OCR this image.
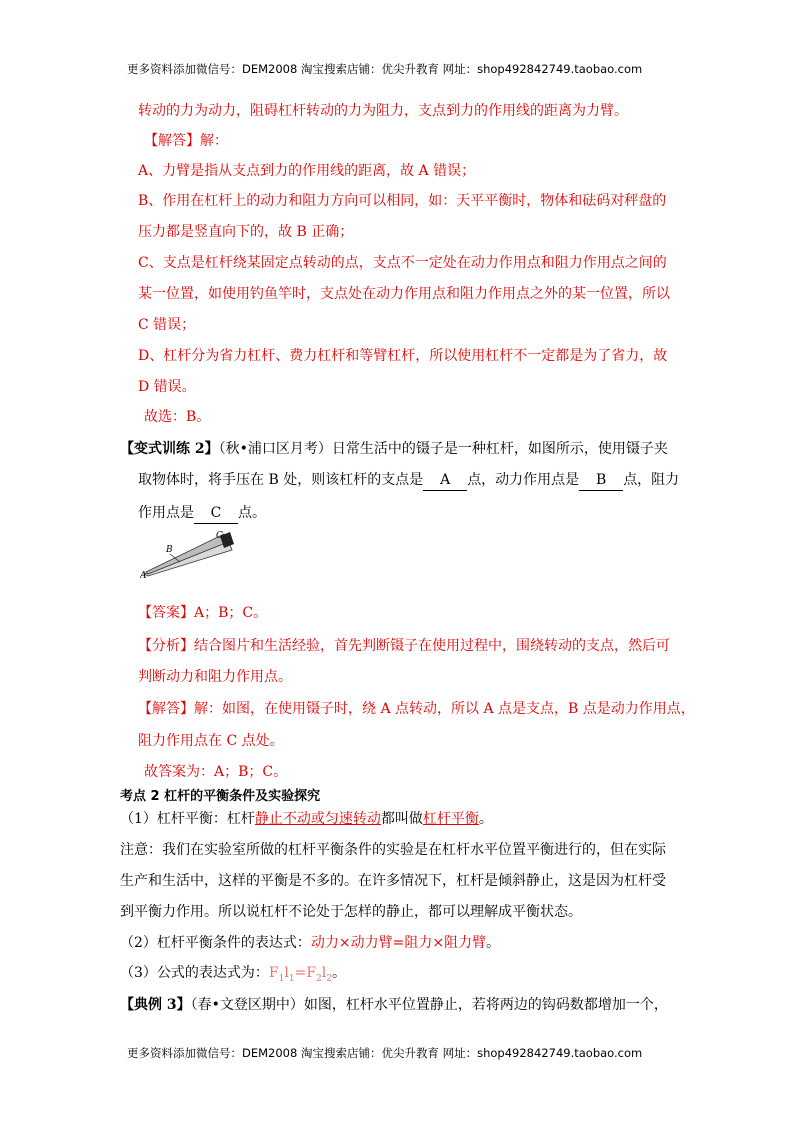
更多资料添加微信号：DEM2008 淘宝搜索店铺：优尖升教育 网址：shop492842749.taobao.com
转动的力为动力，阻碍杠杆转动的力为阻力，支点到力的作用线的距离为力臂。
【解答】解：
A、力臂是指从支点到力的作用线的距离，故 A 错误；
B、作用在杠杆上的动力和阻力方向可以相同，如：天平平衡时，物体和砝码对秤盘的
压力都是竖直向下的，故 B 正确；
C、支点是杠杆绕某固定点转动的点，支点不一定处在动力作用点和阻力作用点之间的
某一位置，如使用钓鱼竿时，支点处在动力作用点和阻力作用点之外的某一位置，所以
C 错误；
D、杠杆分为省力杠杆、费力杠杆和等臂杠杆，所以使用杠杆不一定都是为了省力，故
D 错误。
故选：B。
【变式训练 2】（秋•浦口区月考）日常生活中的镊子是一种杠杆，如图所示，使用镊子夹
取物体时，将手压在 B 处，则该杠杆的支点是 A 点，动力作用点是 B 点，阻力
作用点是 C 点。
A
B
C
【答案】A；B；C。
【分析】结合图片和生活经验，首先判断镊子在使用过程中，围绕转动的支点，然后可
判断动力和阻力作用点。
【解答】解：如图，在使用镊子时，绕 A 点转动，所以 A 点是支点，B 点是动力作用点，
阻力作用点在 C 点处。
故答案为：A；B；C。
考点 2 杠杆的平衡条件及实验探究
（1）杠杆平衡：杠杆静止不动或匀速转动都叫做杠杆平衡。
注意：我们在实验室所做的杠杆平衡条件的实验是在杠杆水平位置平衡进行的，但在实际
生产和生活中，这样的平衡是不多的。在许多情况下，杠杆是倾斜静止，这是因为杠杆受
到平衡力作用。所以说杠杆不论处于怎样的静止，都可以理解成平衡状态。
（2）杠杆平衡条件的表达式：动力×动力臂=阻力×阻力臂。
（3）公式的表达式为：$F_1l_1=F_2l_2$。
【典例 3】（春•文登区期中）如图，杠杆水平位置静止，若将两边的钩码数都增加一个，
更多资料添加微信号：DEM2008 淘宝搜索店铺：优尖升教育 网址：shop492842749.taobao.com
